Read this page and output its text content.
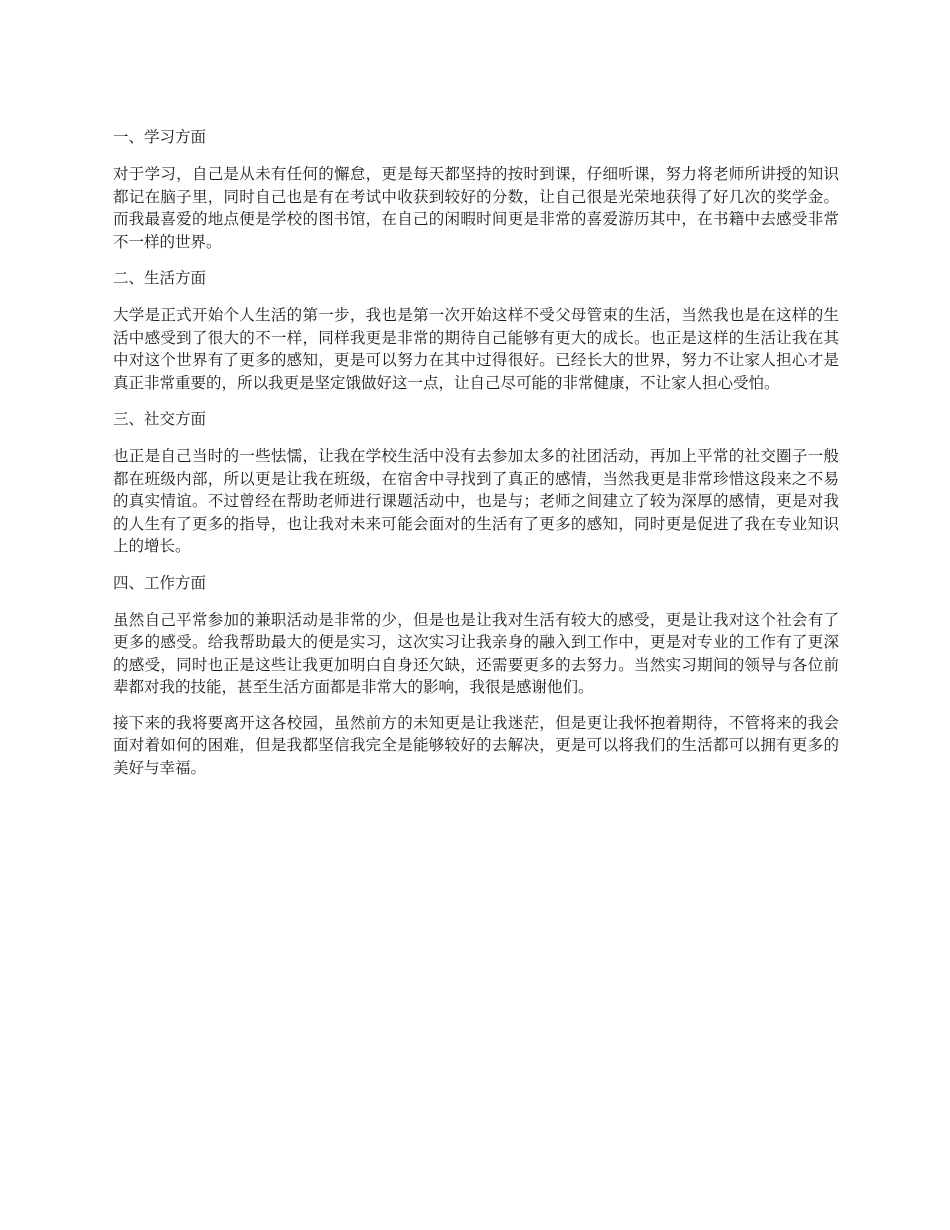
一、学习方面
对于学习，自己是从未有任何的懈怠，更是每天都坚持的按时到课，仔细听课，努力将老师所讲授的知识都记在脑子里，同时自己也是有在考试中收获到较好的分数，让自己很是光荣地获得了好几次的奖学金。而我最喜爱的地点便是学校的图书馆，在自己的闲暇时间更是非常的喜爱游历其中，在书籍中去感受非常不一样的世界。
二、生活方面
大学是正式开始个人生活的第一步，我也是第一次开始这样不受父母管束的生活，当然我也是在这样的生活中感受到了很大的不一样，同样我更是非常的期待自己能够有更大的成长。也正是这样的生活让我在其中对这个世界有了更多的感知，更是可以努力在其中过得很好。已经长大的世界，努力不让家人担心才是真正非常重要的，所以我更是坚定饿做好这一点，让自己尽可能的非常健康，不让家人担心受怕。
三、社交方面
也正是自己当时的一些怯懦，让我在学校生活中没有去参加太多的社团活动，再加上平常的社交圈子一般都在班级内部，所以更是让我在班级，在宿舍中寻找到了真正的感情，当然我更是非常珍惜这段来之不易的真实情谊。不过曾经在帮助老师进行课题活动中，也是与；老师之间建立了较为深厚的感情，更是对我的人生有了更多的指导，也让我对未来可能会面对的生活有了更多的感知，同时更是促进了我在专业知识上的增长。
四、工作方面
虽然自己平常参加的兼职活动是非常的少，但是也是让我对生活有较大的感受，更是让我对这个社会有了更多的感受。给我帮助最大的便是实习，这次实习让我亲身的融入到工作中，更是对专业的工作有了更深的感受，同时也正是这些让我更加明白自身还欠缺，还需要更多的去努力。当然实习期间的领导与各位前辈都对我的技能，甚至生活方面都是非常大的影响，我很是感谢他们。
接下来的我将要离开这各校园，虽然前方的未知更是让我迷茫，但是更让我怀抱着期待，不管将来的我会面对着如何的困难，但是我都坚信我完全是能够较好的去解决，更是可以将我们的生活都可以拥有更多的美好与幸福。
